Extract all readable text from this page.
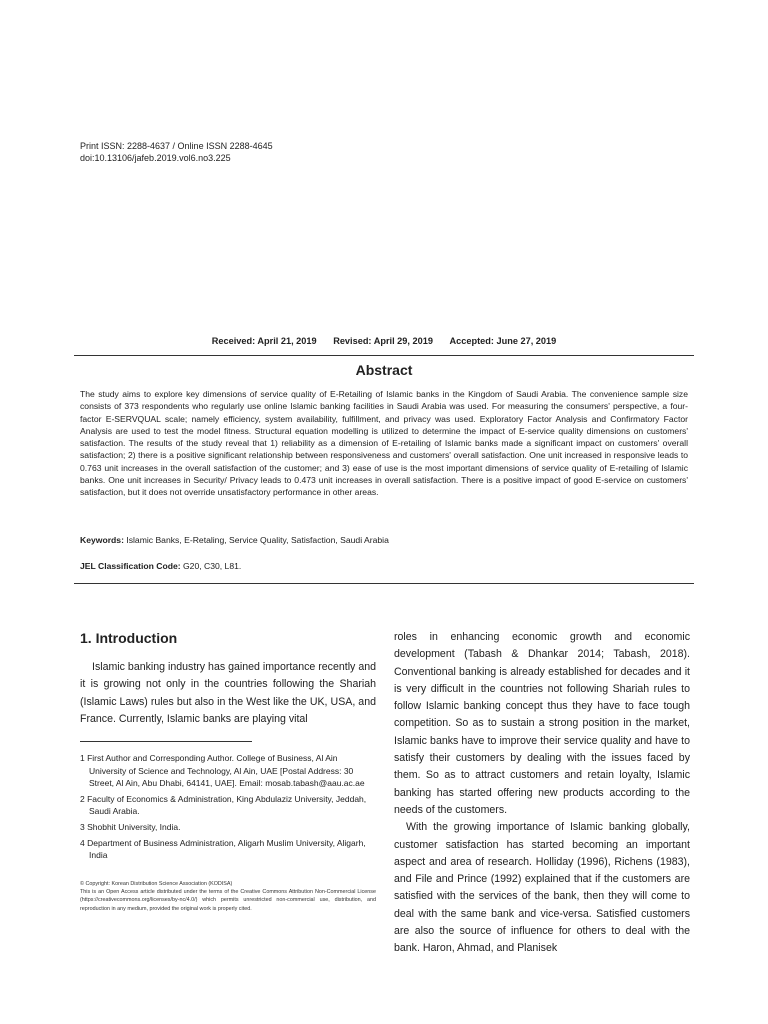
Print ISSN: 2288-4637 / Online ISSN 2288-4645
doi:10.13106/jafeb.2019.vol6.no3.225
Received: April 21, 2019 Revised: April 29, 2019 Accepted: June 27, 2019
Abstract
The study aims to explore key dimensions of service quality of E-Retailing of Islamic banks in the Kingdom of Saudi Arabia. The convenience sample size consists of 373 respondents who regularly use online Islamic banking facilities in Saudi Arabia was used. For measuring the consumers' perspective, a four-factor E-SERVQUAL scale; namely efficiency, system availability, fulfillment, and privacy was used. Exploratory Factor Analysis and Confirmatory Factor Analysis are used to test the model fitness. Structural equation modelling is utilized to determine the impact of E-service quality dimensions on customers' satisfaction. The results of the study reveal that 1) reliability as a dimension of E-retailing of Islamic banks made a significant impact on customers' overall satisfaction; 2) there is a positive significant relationship between responsiveness and customers' overall satisfaction. One unit increased in responsive leads to 0.763 unit increases in the overall satisfaction of the customer; and 3) ease of use is the most important dimensions of service quality of E-retailing of Islamic banks. One unit increases in Security/ Privacy leads to 0.473 unit increases in overall satisfaction. There is a positive impact of good E-service on customers' satisfaction, but it does not override unsatisfactory performance in other areas.
Keywords: Islamic Banks, E-Retaling, Service Quality, Satisfaction, Saudi Arabia
JEL Classification Code: G20, C30, L81.
1. Introduction

Islamic banking industry has gained importance recently and it is growing not only in the countries following the Shariah (Islamic Laws) rules but also in the West like the UK, USA, and France. Currently, Islamic banks are playing vital

1 First Author and Corresponding Author. College of Business, Al Ain University of Science and Technology, Al Ain, UAE [Postal Address: 30 Street, Al Ain, Abu Dhabi, 64141, UAE]. Email: mosab.tabash@aau.ac.ae
2 Faculty of Economics & Administration, King Abdulaziz University, Jeddah, Saudi Arabia.
3 Shobhit University, India.
4 Department of Business Administration, Aligarh Muslim University, Aligarh, India

© Copyright: Korean Distribution Science Association (KODISA)

This is an Open Access article distributed under the terms of the Creative Commons Attribution Non-Commercial License (https://creativecommons.org/licenses/by-nc/4.0/) which permits unrestricted non-commercial use, distribution, and reproduction in any medium, provided the original work is properly cited.

roles in enhancing economic growth and economic development (Tabash & Dhankar 2014; Tabash, 2018). Conventional banking is already established for decades and it is very difficult in the countries not following Shariah rules to follow Islamic banking concept thus they have to face tough competition. So as to sustain a strong position in the market, Islamic banks have to improve their service quality and have to satisfy their customers by dealing with the issues faced by them. So as to attract customers and retain loyalty, Islamic banking has started offering new products according to the needs of the customers.

With the growing importance of Islamic banking globally, customer satisfaction has started becoming an important aspect and area of research. Holliday (1996), Richens (1983), and File and Prince (1992) explained that if the customers are satisfied with the services of the bank, then they will come to deal with the same bank and vice-versa. Satisfied customers are also the source of influence for others to deal with the bank. Haron, Ahmad, and Planisek
